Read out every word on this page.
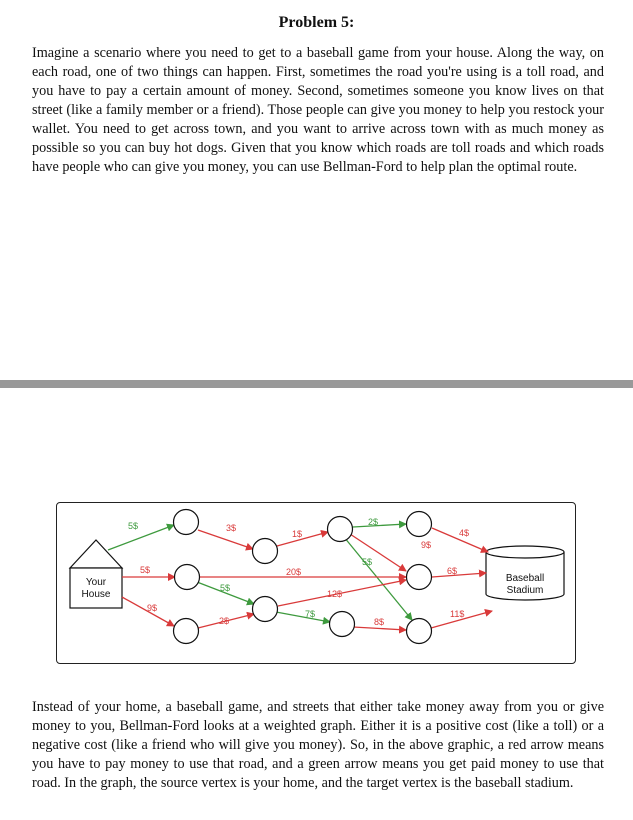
Problem 5:
Imagine a scenario where you need to get to a baseball game from your house. Along the way, on each road, one of two things can happen. First, sometimes the road you're using is a toll road, and you have to pay a certain amount of money. Second, sometimes someone you know lives on that street (like a family member or a friend). Those people can give you money to help you restock your wallet. You need to get across town, and you want to arrive across town with as much money as possible so you can buy hot dogs. Given that you know which roads are toll roads and which roads have people who can give you money, you can use Bellman-Ford to help plan the optimal route.
Your
House
Baseball
Stadium
5$
5$
9$
3$
1$
2$
4$
9$
5$
20$
5$
2$
7$
12$
8$
6$
11$
Instead of your home, a baseball game, and streets that either take money away from you or give money to you, Bellman-Ford looks at a weighted graph. Either it is a positive cost (like a toll) or a negative cost (like a friend who will give you money). So, in the above graphic, a red arrow means you have to pay money to use that road, and a green arrow means you get paid money to use that road. In the graph, the source vertex is your home, and the target vertex is the baseball stadium.
